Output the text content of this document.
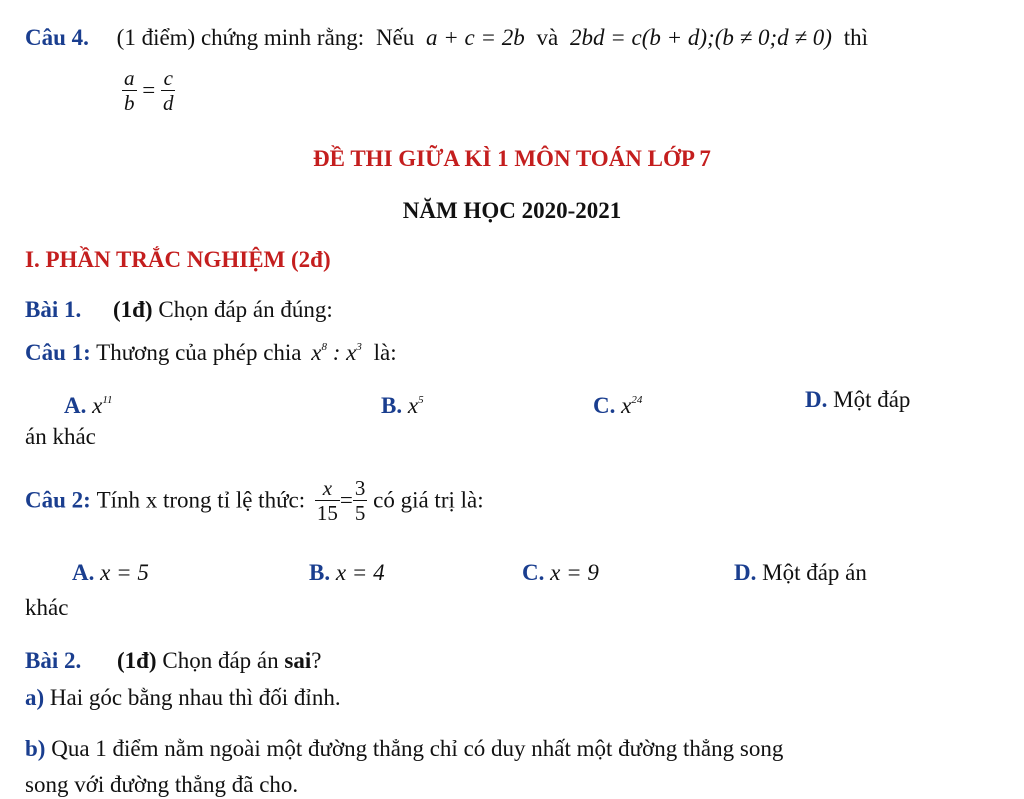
Câu 4. (1 điểm) chứng minh rằng: Nếu a + c = 2b và 2bd = c(b + d);(b ≠ 0;d ≠ 0) thì
$\frac{a}{b} = \frac{c}{d}$
ĐỀ THI GIỮA KÌ 1 MÔN TOÁN LỚP 7
NĂM HỌC 2020-2021
I. PHẦN TRẮC NGHIỆM (2đ)
Bài 1. (1đ) Chọn đáp án đúng:
Câu 1: Thương của phép chia $x^8$ : $x^3$ là:
A. $x^{11}$	B. $x^5$	C. $x^{24}$	D. Một đáp
án khác
Câu 2: Tính x trong tỉ lệ thức: $\frac{x}{15} = \frac{3}{5}$ có giá trị là:
A. x = 5	B. x = 4	C. x = 9	D. Một đáp án
khác
Bài 2. (1đ) Chọn đáp án sai?
a) Hai góc bằng nhau thì đối đỉnh.
b) Qua 1 điểm nằm ngoài một đường thẳng chỉ có duy nhất một đường thẳng song
song với đường thẳng đã cho.
